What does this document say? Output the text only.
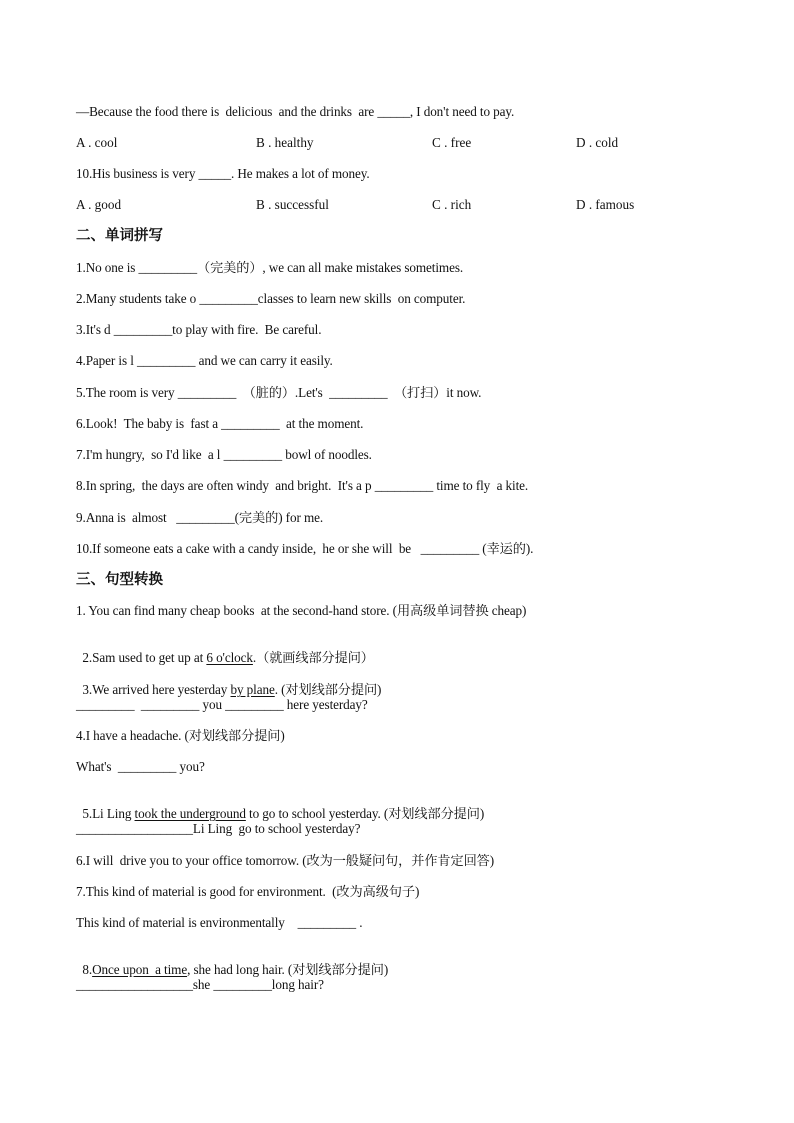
—Because the food there is  delicious  and the drinks  are _____, I don't need to pay.
A . cool	B . healthy	C . free	D . cold
10.His business is very _____. He makes a lot of money.
A . good	B . successful	C . rich	D . famous
二、单词拼写
1.No one is _________（完美的）, we can all make mistakes sometimes.
2.Many students take o _________classes to learn new skills  on computer.
3.It's d _________to play with fire.  Be careful.
4.Paper is l _________ and we can carry it easily.
5.The room is very _________  （脏的）.Let's  _________  （打扫）it now.
6.Look!  The baby is  fast a _________  at the moment.
7.I'm hungry,  so I'd like  a l _________ bowl of noodles.
8.In spring,  the days are often windy  and bright.  It's a p _________ time to fly  a kite.
9.Anna is  almost   _________(完美的) for me.
10.If someone eats a cake with a candy inside,  he or she will  be   _________ (幸运的).
三、句型转换
1. You can find many cheap books  at the second-hand store. (用高级单词替换 cheap)

2.Sam used to get up at 6 o'clock.（就画线部分提问）

3.We arrived here yesterday by plane. (对划线部分提问)

_________  _________ you _________ here yesterday?
4.I have a headache. (对划线部分提问)
What's  _________ you?

5.Li Ling took the underground to go to school yesterday. (对划线部分提问)

__________________Li Ling  go to school yesterday?
6.I will  drive you to your office tomorrow. (改为一般疑问句，并作肯定回答)
7.This kind of material is good for environment.  (改为高级句子)
This kind of material is environmentally    _________ .

8.Once upon  a time, she had long hair. (对划线部分提问)

__________________she _________long hair?
